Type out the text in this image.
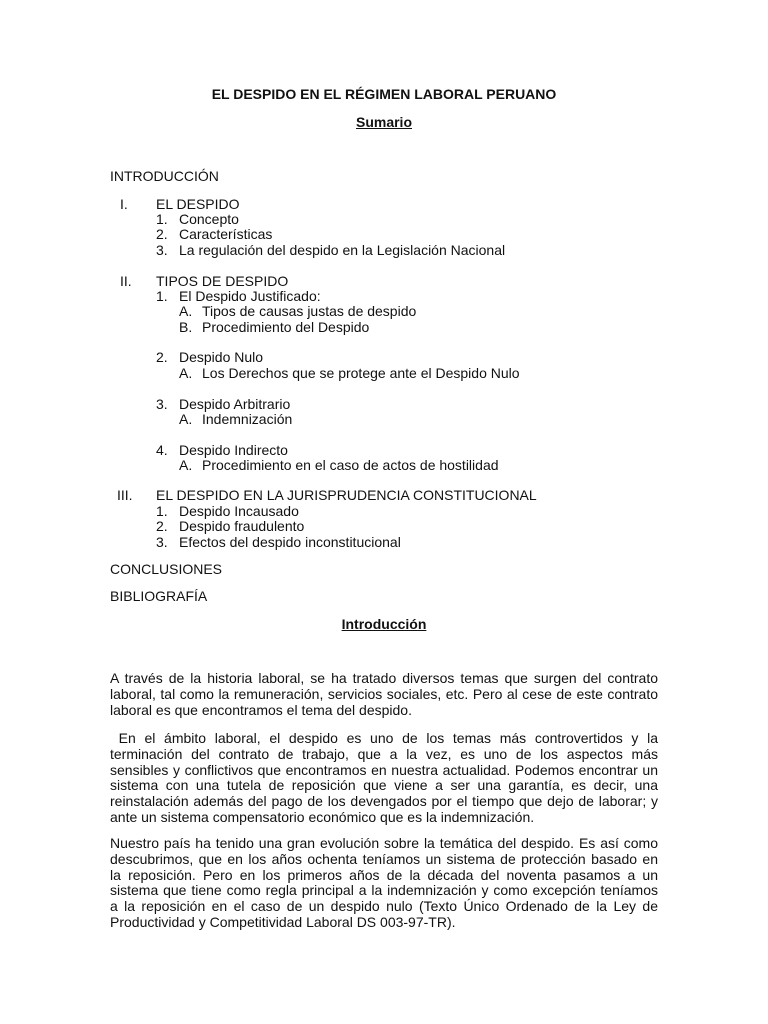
EL DESPIDO EN EL RÉGIMEN LABORAL PERUANO
Sumario
INTRODUCCIÓN
I. EL DESPIDO
1. Concepto
2. Características
3. La regulación del despido en la Legislación Nacional
II. TIPOS DE DESPIDO
1. El Despido Justificado:
A. Tipos de causas justas de despido
B. Procedimiento del Despido
2. Despido Nulo
A. Los Derechos que se protege ante el Despido Nulo
3. Despido Arbitrario
A. Indemnización
4. Despido Indirecto
A. Procedimiento en el caso de actos de hostilidad
III. EL DESPIDO EN LA JURISPRUDENCIA CONSTITUCIONAL
1. Despido Incausado
2. Despido fraudulento
3. Efectos del despido inconstitucional
CONCLUSIONES
BIBLIOGRAFÍA
Introducción
A través de la historia laboral, se ha tratado diversos temas que surgen del contrato
laboral, tal como la remuneración, servicios sociales, etc. Pero al cese de este contrato
laboral es que encontramos el tema del despido.
En el ámbito laboral, el despido es uno de los temas más controvertidos y la
terminación del contrato de trabajo, que a la vez, es uno de los aspectos más
sensibles y conflictivos que encontramos en nuestra actualidad. Podemos encontrar un
sistema con una tutela de reposición que viene a ser una garantía, es decir, una
reinstalación además del pago de los devengados por el tiempo que dejo de laborar; y
ante un sistema compensatorio económico que es la indemnización.
Nuestro país ha tenido una gran evolución sobre la temática del despido. Es así como
descubrimos, que en los años ochenta teníamos un sistema de protección basado en
la reposición. Pero en los primeros años de la década del noventa pasamos a un
sistema que tiene como regla principal a la indemnización y como excepción teníamos
a la reposición en el caso de un despido nulo (Texto Único Ordenado de la Ley de
Productividad y Competitividad Laboral DS 003-97-TR).
